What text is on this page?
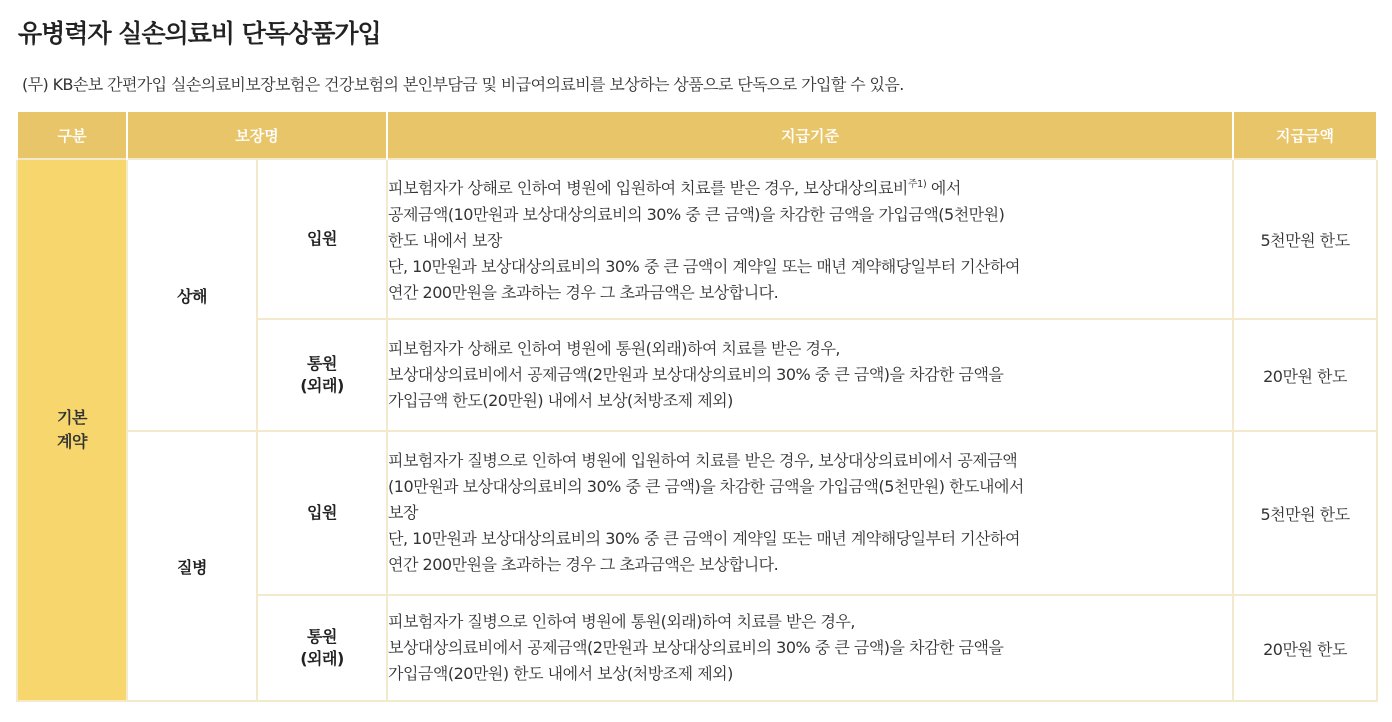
유병력자 실손의료비 단독상품가입
(무) KB손보 간편가입 실손의료비보장보험은 건강보험의 본인부담금 및 비급여의료비를 보상하는 상품으로 단독으로 가입할 수 있음.
구분	보장명		지급기준	지급금액

기본
계약	상해	입원	피보험자가 상해로 인하여 병원에 입원하여 치료를 받은 경우, 보상대상의료비$^{주1)}$ 에서
공제금액(10만원과 보상대상의료비의 30% 중 큰 금액)을 차감한 금액을 가입금액(5천만원)
한도 내에서 보장
단, 10만원과 보상대상의료비의 30% 중 큰 금액이 계약일 또는 매년 계약해당일부터 기산하여
연간 200만원을 초과하는 경우 그 초과금액은 보상합니다.	5천만원 한도

		통원
(외래)	피보험자가 상해로 인하여 병원에 통원(외래)하여 치료를 받은 경우,
보상대상의료비에서 공제금액(2만원과 보상대상의료비의 30% 중 큰 금액)을 차감한 금액을
가입금액 한도(20만원) 내에서 보상(처방조제 제외)	20만원 한도
	질병	입원	피보험자가 질병으로 인하여 병원에 입원하여 치료를 받은 경우, 보상대상의료비에서 공제금액
(10만원과 보상대상의료비의 30% 중 큰 금액)을 차감한 금액을 가입금액(5천만원) 한도내에서
보장
단, 10만원과 보상대상의료비의 30% 중 큰 금액이 계약일 또는 매년 계약해당일부터 기산하여
연간 200만원을 초과하는 경우 그 초과금액은 보상합니다.	5천만원 한도

		통원
(외래)	피보험자가 질병으로 인하여 병원에 통원(외래)하여 치료를 받은 경우,
보상대상의료비에서 공제금액(2만원과 보상대상의료비의 30% 중 큰 금액)을 차감한 금액을
가입금액(20만원) 한도 내에서 보상(처방조제 제외)	20만원 한도
